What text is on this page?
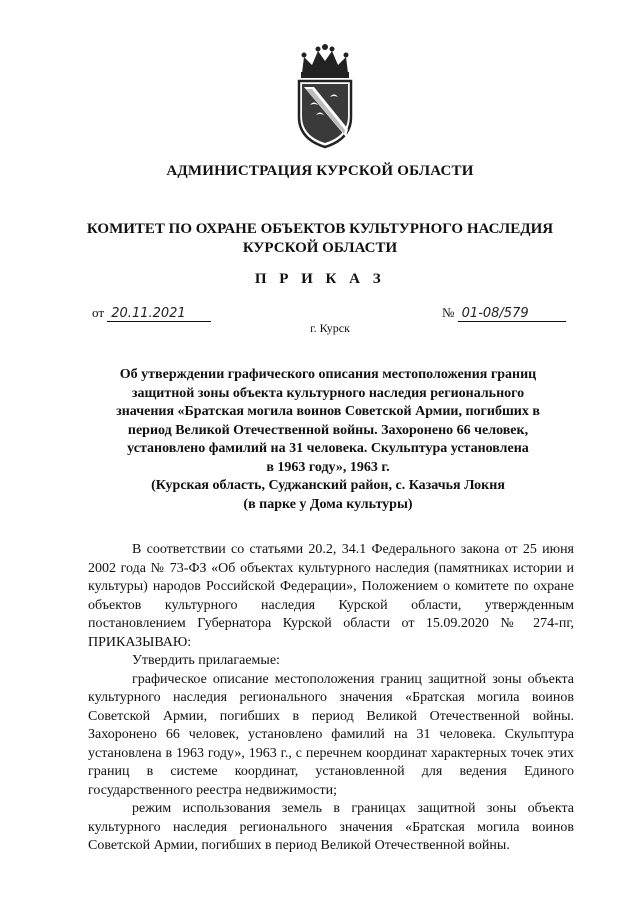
АДМИНИСТРАЦИЯ КУРСКОЙ ОБЛАСТИ
КОМИТЕТ ПО ОХРАНЕ ОБЪЕКТОВ КУЛЬТУРНОГО НАСЛЕДИЯ
КУРСКОЙ ОБЛАСТИ
П Р И К А З
от 20.11.2021	№ 01-08/579
г. Курск
Об утверждении графического описания местоположения границ
защитной зоны объекта культурного наследия регионального
значения «Братская могила воинов Советской Армии, погибших в
период Великой Отечественной войны. Захоронено 66 человек,
установлено фамилий на 31 человека. Скульптура установлена
в 1963 году», 1963 г.
(Курская область, Суджанский район, с. Казачья Локня
(в парке у Дома культуры)

В соответствии со статьями 20.2, 34.1 Федерального закона от 25 июня 2002 года № 73-ФЗ «Об объектах культурного наследия (памятниках истории и культуры) народов Российской Федерации», Положением о комитете по охране объектов культурного наследия Курской области, утвержденным постановлением Губернатора Курской области от 15.09.2020 № 274-пг, ПРИКАЗЫВАЮ:

Утвердить прилагаемые:

графическое описание местоположения границ защитной зоны объекта культурного наследия регионального значения «Братская могила воинов Советской Армии, погибших в период Великой Отечественной войны. Захоронено 66 человек, установлено фамилий на 31 человека. Скульптура установлена в 1963 году», 1963 г., с перечнем координат характерных точек этих границ в системе координат, установленной для ведения Единого государственного реестра недвижимости;

режим использования земель в границах защитной зоны объекта культурного наследия регионального значения «Братская могила воинов Советской Армии, погибших в период Великой Отечественной войны.
